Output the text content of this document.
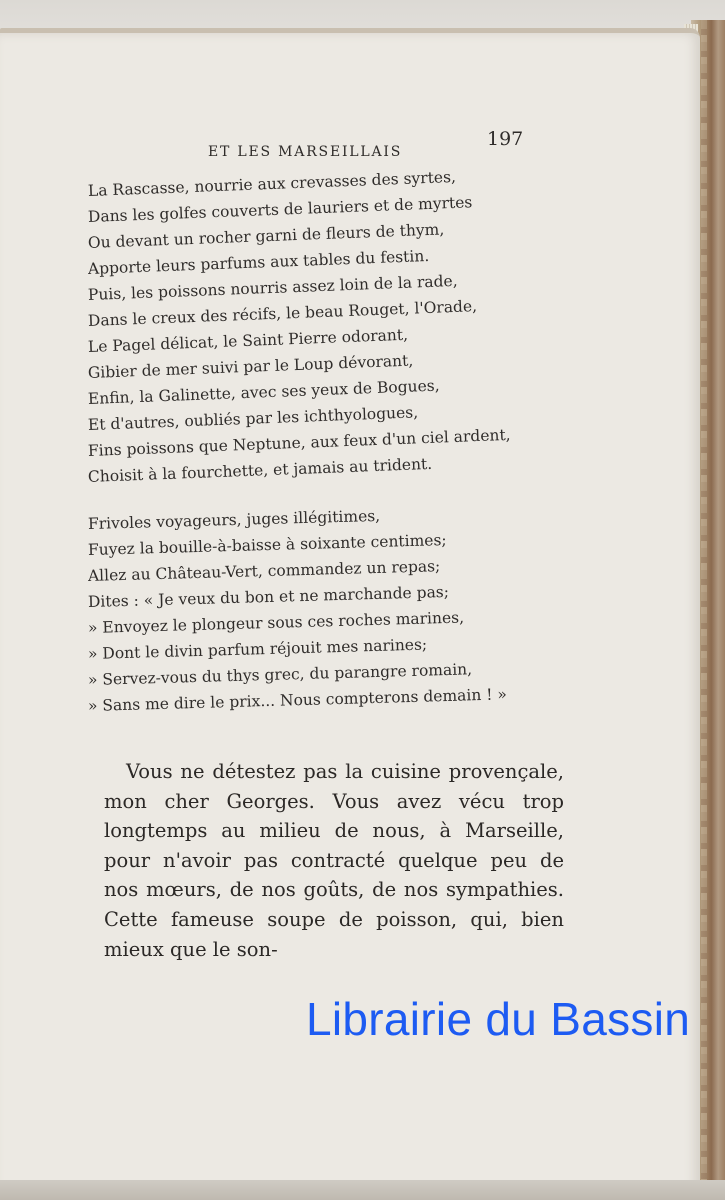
ET LES MARSEILLAIS
197
La Rascasse, nourrie aux crevasses des syrtes,
Dans les golfes couverts de lauriers et de myrtes
Ou devant un rocher garni de fleurs de thym,
Apporte leurs parfums aux tables du festin.
Puis, les poissons nourris assez loin de la rade,
Dans le creux des récifs, le beau Rouget, l'Orade,
Le Pagel délicat, le Saint Pierre odorant,
Gibier de mer suivi par le Loup dévorant,
Enfin, la Galinette, avec ses yeux de Bogues,
Et d'autres, oubliés par les ichthyologues,
Fins poissons que Neptune, aux feux d'un ciel ardent,
Choisit à la fourchette, et jamais au trident.
Frivoles voyageurs, juges illégitimes,
Fuyez la bouille-à-baisse à soixante centimes;
Allez au Château-Vert, commandez un repas;
Dites : « Je veux du bon et ne marchande pas;
» Envoyez le plongeur sous ces roches marines,
» Dont le divin parfum réjouit mes narines;
» Servez-vous du thys grec, du parangre romain,
» Sans me dire le prix... Nous compterons demain ! »

Vous ne détestez pas la cuisine provençale, mon cher Georges. Vous avez vécu trop longtemps au milieu de nous, à Marseille, pour n'avoir pas contracté quelque peu de nos mœurs, de nos goûts, de nos sympathies. Cette fameuse soupe de poisson, qui, bien mieux que le son-

Librairie du Bassin
